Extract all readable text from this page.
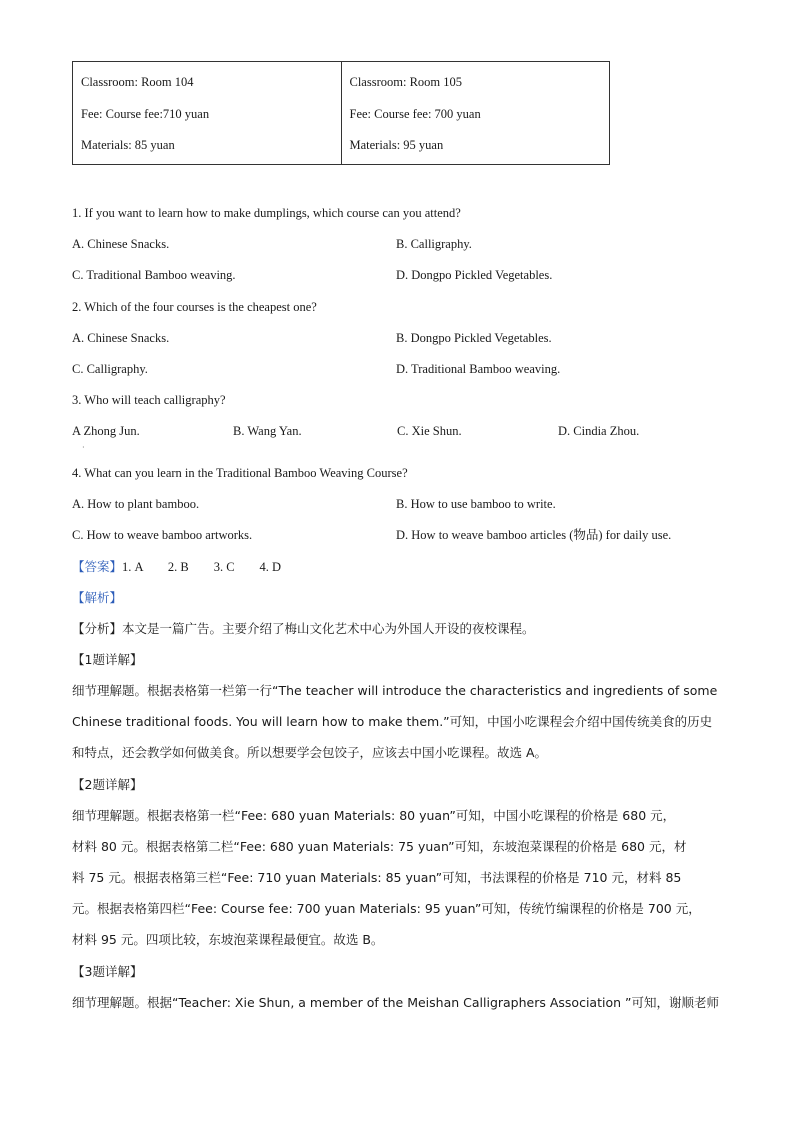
Classroom: Room 104
Fee: Course fee:710 yuan
Materials: 85 yuan

Classroom: Room 105
Fee: Course fee: 700 yuan
Materials: 95 yuan
1. If you want to learn how to make dumplings, which course can you attend?
A. Chinese Snacks.	B. Calligraphy.
C. Traditional Bamboo weaving.	D. Dongpo Pickled Vegetables.
2. Which of the four courses is the cheapest one?
A. Chinese Snacks.	B. Dongpo Pickled Vegetables.
C. Calligraphy.	D. Traditional Bamboo weaving.
3. Who will teach calligraphy?
A Zhong Jun.	B. Wang Yan.	C. Xie Shun.	D. Cindia Zhou.
·
4. What can you learn in the Traditional Bamboo Weaving Course?
A. How to plant bamboo.	B. How to use bamboo to write.
C. How to weave bamboo artworks.	D. How to weave bamboo articles (物品) for daily use.
【答案】1. A        2. B        3. C        4. D
【解析】
【分析】本文是一篇广告。主要介绍了梅山文化艺术中心为外国人开设的夜校课程。
【1题详解】
细节理解题。根据表格第一栏第一行“The teacher will introduce the characteristics and ingredients of some
Chinese traditional foods. You will learn how to make them.”可知，中国小吃课程会介绍中国传统美食的历史
和特点，还会教学如何做美食。所以想要学会包饺子，应该去中国小吃课程。故选 A。
【2题详解】
细节理解题。根据表格第一栏“Fee: 680 yuan Materials: 80 yuan”可知，中国小吃课程的价格是 680 元，
材料 80 元。根据表格第二栏“Fee: 680 yuan Materials: 75 yuan”可知，东坡泡菜课程的价格是 680 元，材
料 75 元。根据表格第三栏“Fee: 710 yuan Materials: 85 yuan”可知，书法课程的价格是 710 元，材料 85
元。根据表格第四栏“Fee: Course fee: 700 yuan Materials: 95 yuan”可知，传统竹编课程的价格是 700 元，
材料 95 元。四项比较，东坡泡菜课程最便宜。故选 B。
【3题详解】
细节理解题。根据“Teacher: Xie Shun, a member of the Meishan Calligraphers Association ”可知，谢顺老师
